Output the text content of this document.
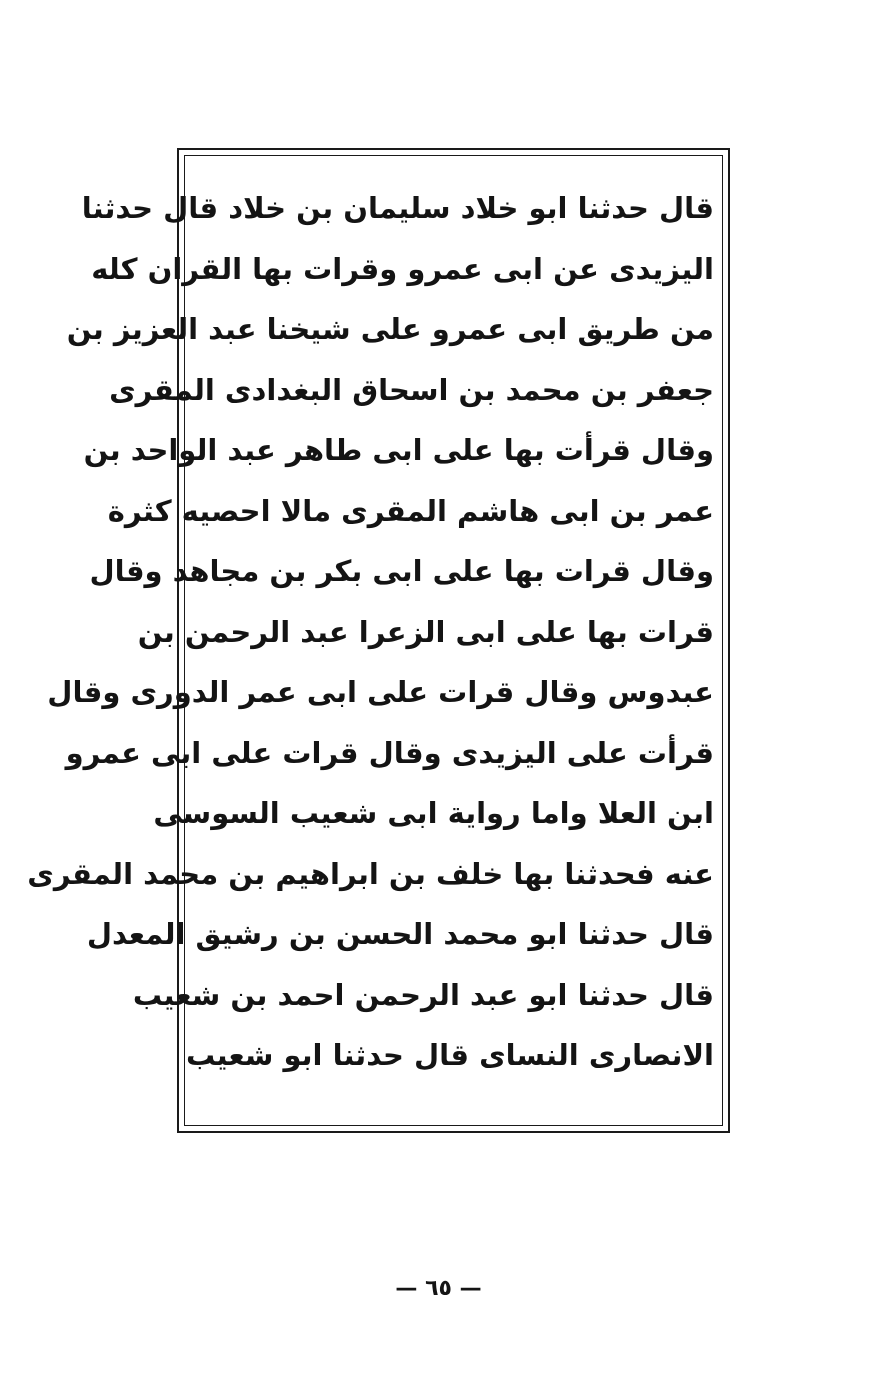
قال حدثنا ابو خلاد سليمان بن خلاد قال حدثنا
اليزيدى عن ابى عمرو وقرات بها القران كله
من طريق ابى عمرو على شيخنا عبد العزيز بن
جعفر بن محمد بن اسحاق البغدادى المقرى
وقال قرأت بها على ابى طاهر عبد الواحد بن
عمر بن ابى هاشم المقرى مالا احصيه كثرة
وقال قرات بها على ابى بكر بن مجاهد وقال
قرات بها على ابى الزعرا عبد الرحمن بن
عبدوس وقال قرات على ابى عمر الدورى وقال
قرأت على اليزيدى وقال قرات على ابى عمرو
ابن العلا واما رواية ابى شعيب السوسى
عنه فحدثنا بها خلف بن ابراهيم بن محمد المقرى
قال حدثنا ابو محمد الحسن بن رشيق المعدل
قال حدثنا ابو عبد الرحمن احمد بن شعيب
الانصارى النساى قال حدثنا ابو شعيب
— ٦٥ —
